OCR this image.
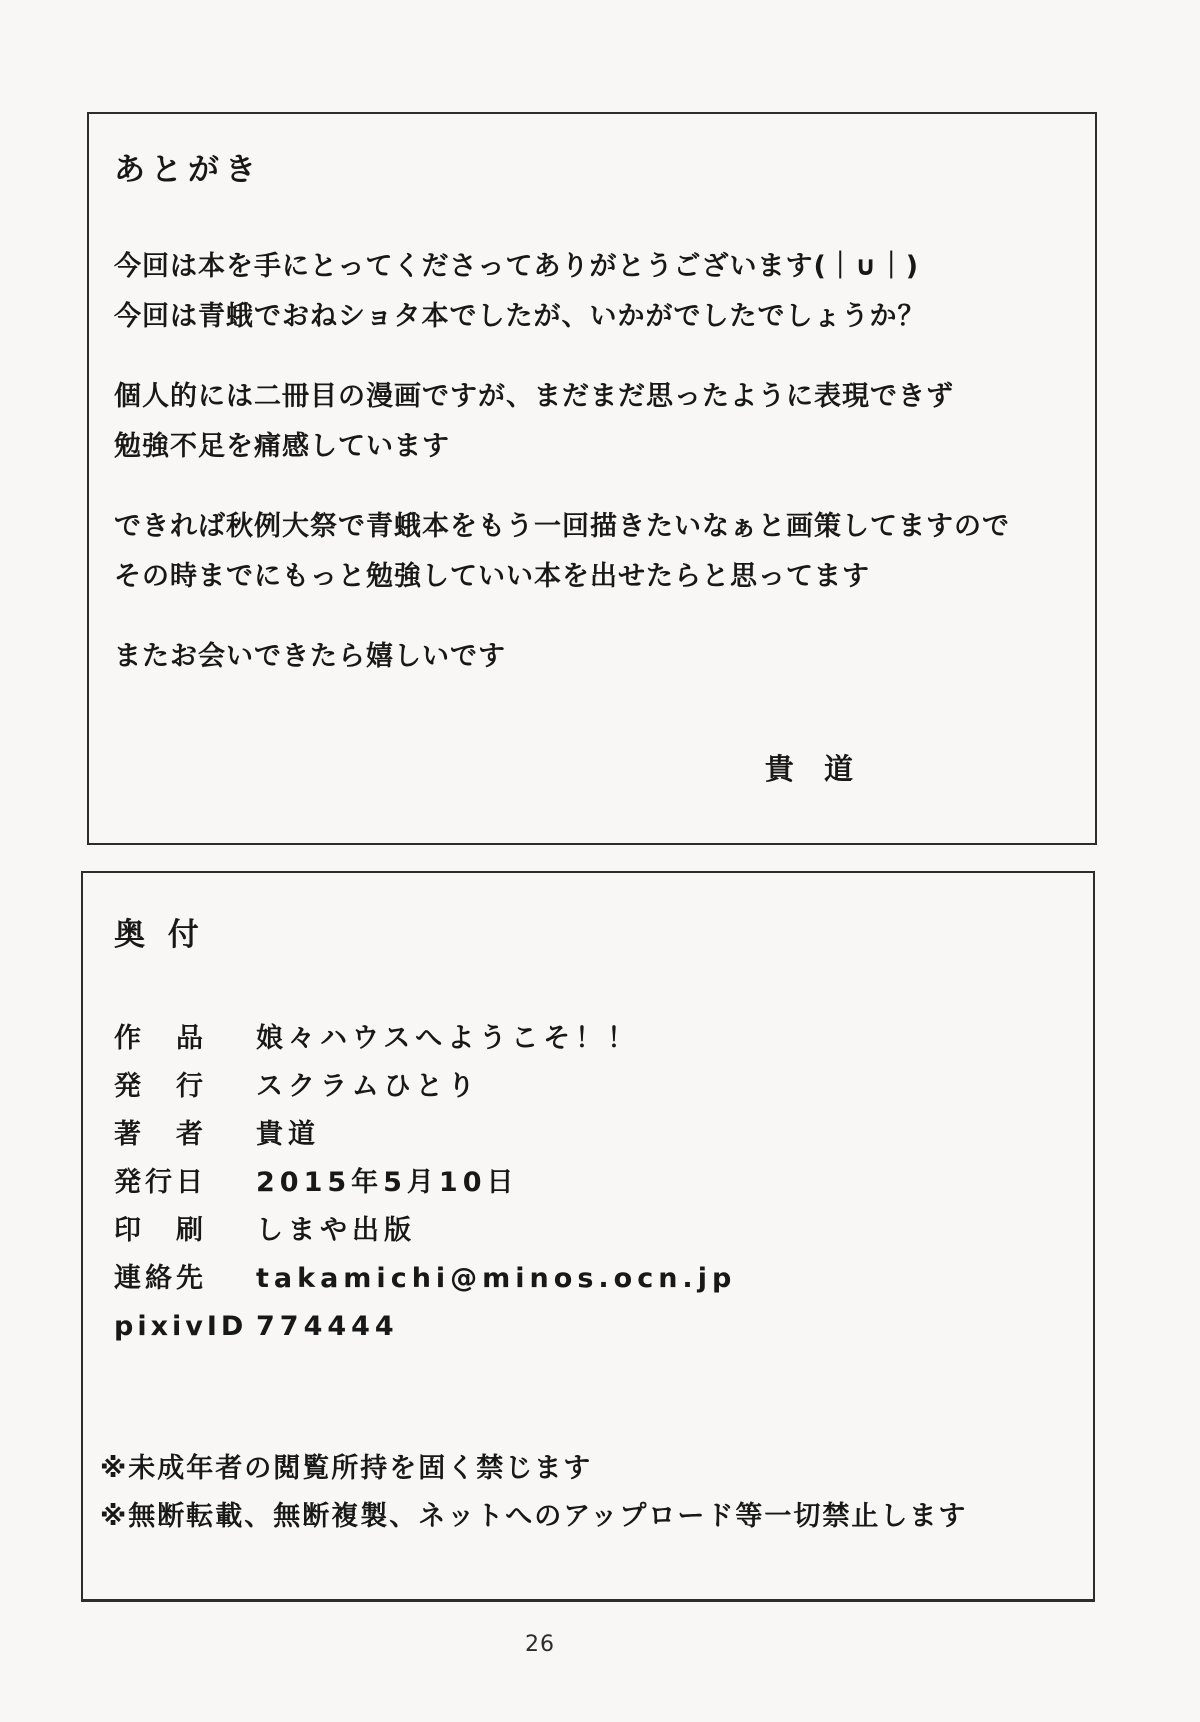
あとがき

今回は本を手にとってくださってありがとうございます(｜∪｜)
今回は青蛾でおねショタ本でしたが、いかがでしたでしょうか？

個人的には二冊目の漫画ですが、まだまだ思ったように表現できず
勉強不足を痛感しています

できれば秋例大祭で青蛾本をもう一回描きたいなぁと画策してますので
その時までにもっと勉強していい本を出せたらと思ってます

またお会いできたら嬉しいです

貴 道
奥 付
作　品	娘々ハウスへようこそ！！
発　行	スクラムひとり
著　者	貴道
発行日	2015年5月10日
印　刷	しまや出版
連絡先	takamichi@minos.ocn.jp
pixivID 774444
※未成年者の閲覧所持を固く禁じます
※無断転載、無断複製、ネットへのアップロード等一切禁止します
26
